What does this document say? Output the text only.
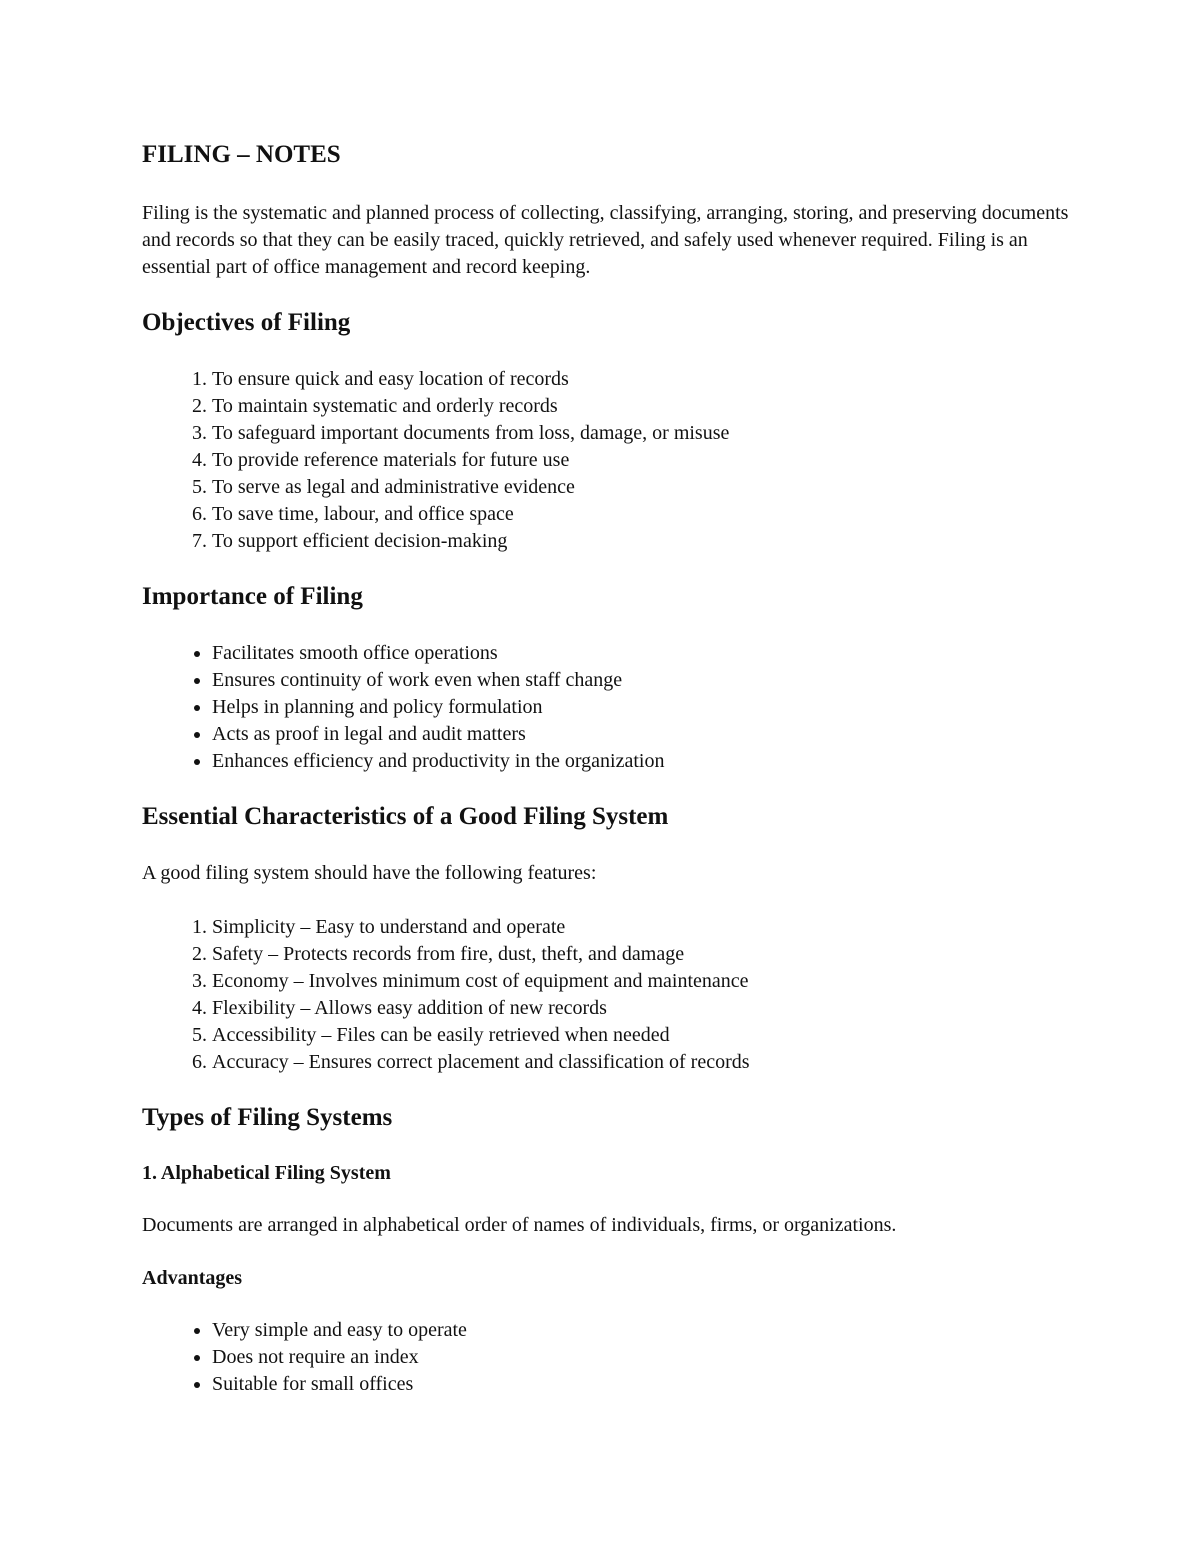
FILING – NOTES

Filing is the systematic and planned process of collecting, classifying, arranging, storing, and preserving documents and records so that they can be easily traced, quickly retrieved, and safely used whenever required. Filing is an essential part of office management and record keeping.

Objectives of Filing
1. To ensure quick and easy location of records
2. To maintain systematic and orderly records
3. To safeguard important documents from loss, damage, or misuse
4. To provide reference materials for future use
5. To serve as legal and administrative evidence
6. To save time, labour, and office space
7. To support efficient decision-making
Importance of Filing
• Facilitates smooth office operations
• Ensures continuity of work even when staff change
• Helps in planning and policy formulation
• Acts as proof in legal and audit matters
• Enhances efficiency and productivity in the organization
Essential Characteristics of a Good Filing System

A good filing system should have the following features:

1. Simplicity – Easy to understand and operate
2. Safety – Protects records from fire, dust, theft, and damage
3. Economy – Involves minimum cost of equipment and maintenance
4. Flexibility – Allows easy addition of new records
5. Accessibility – Files can be easily retrieved when needed
6. Accuracy – Ensures correct placement and classification of records
Types of Filing Systems
1. Alphabetical Filing System

Documents are arranged in alphabetical order of names of individuals, firms, or organizations.

Advantages
• Very simple and easy to operate
• Does not require an index
• Suitable for small offices
